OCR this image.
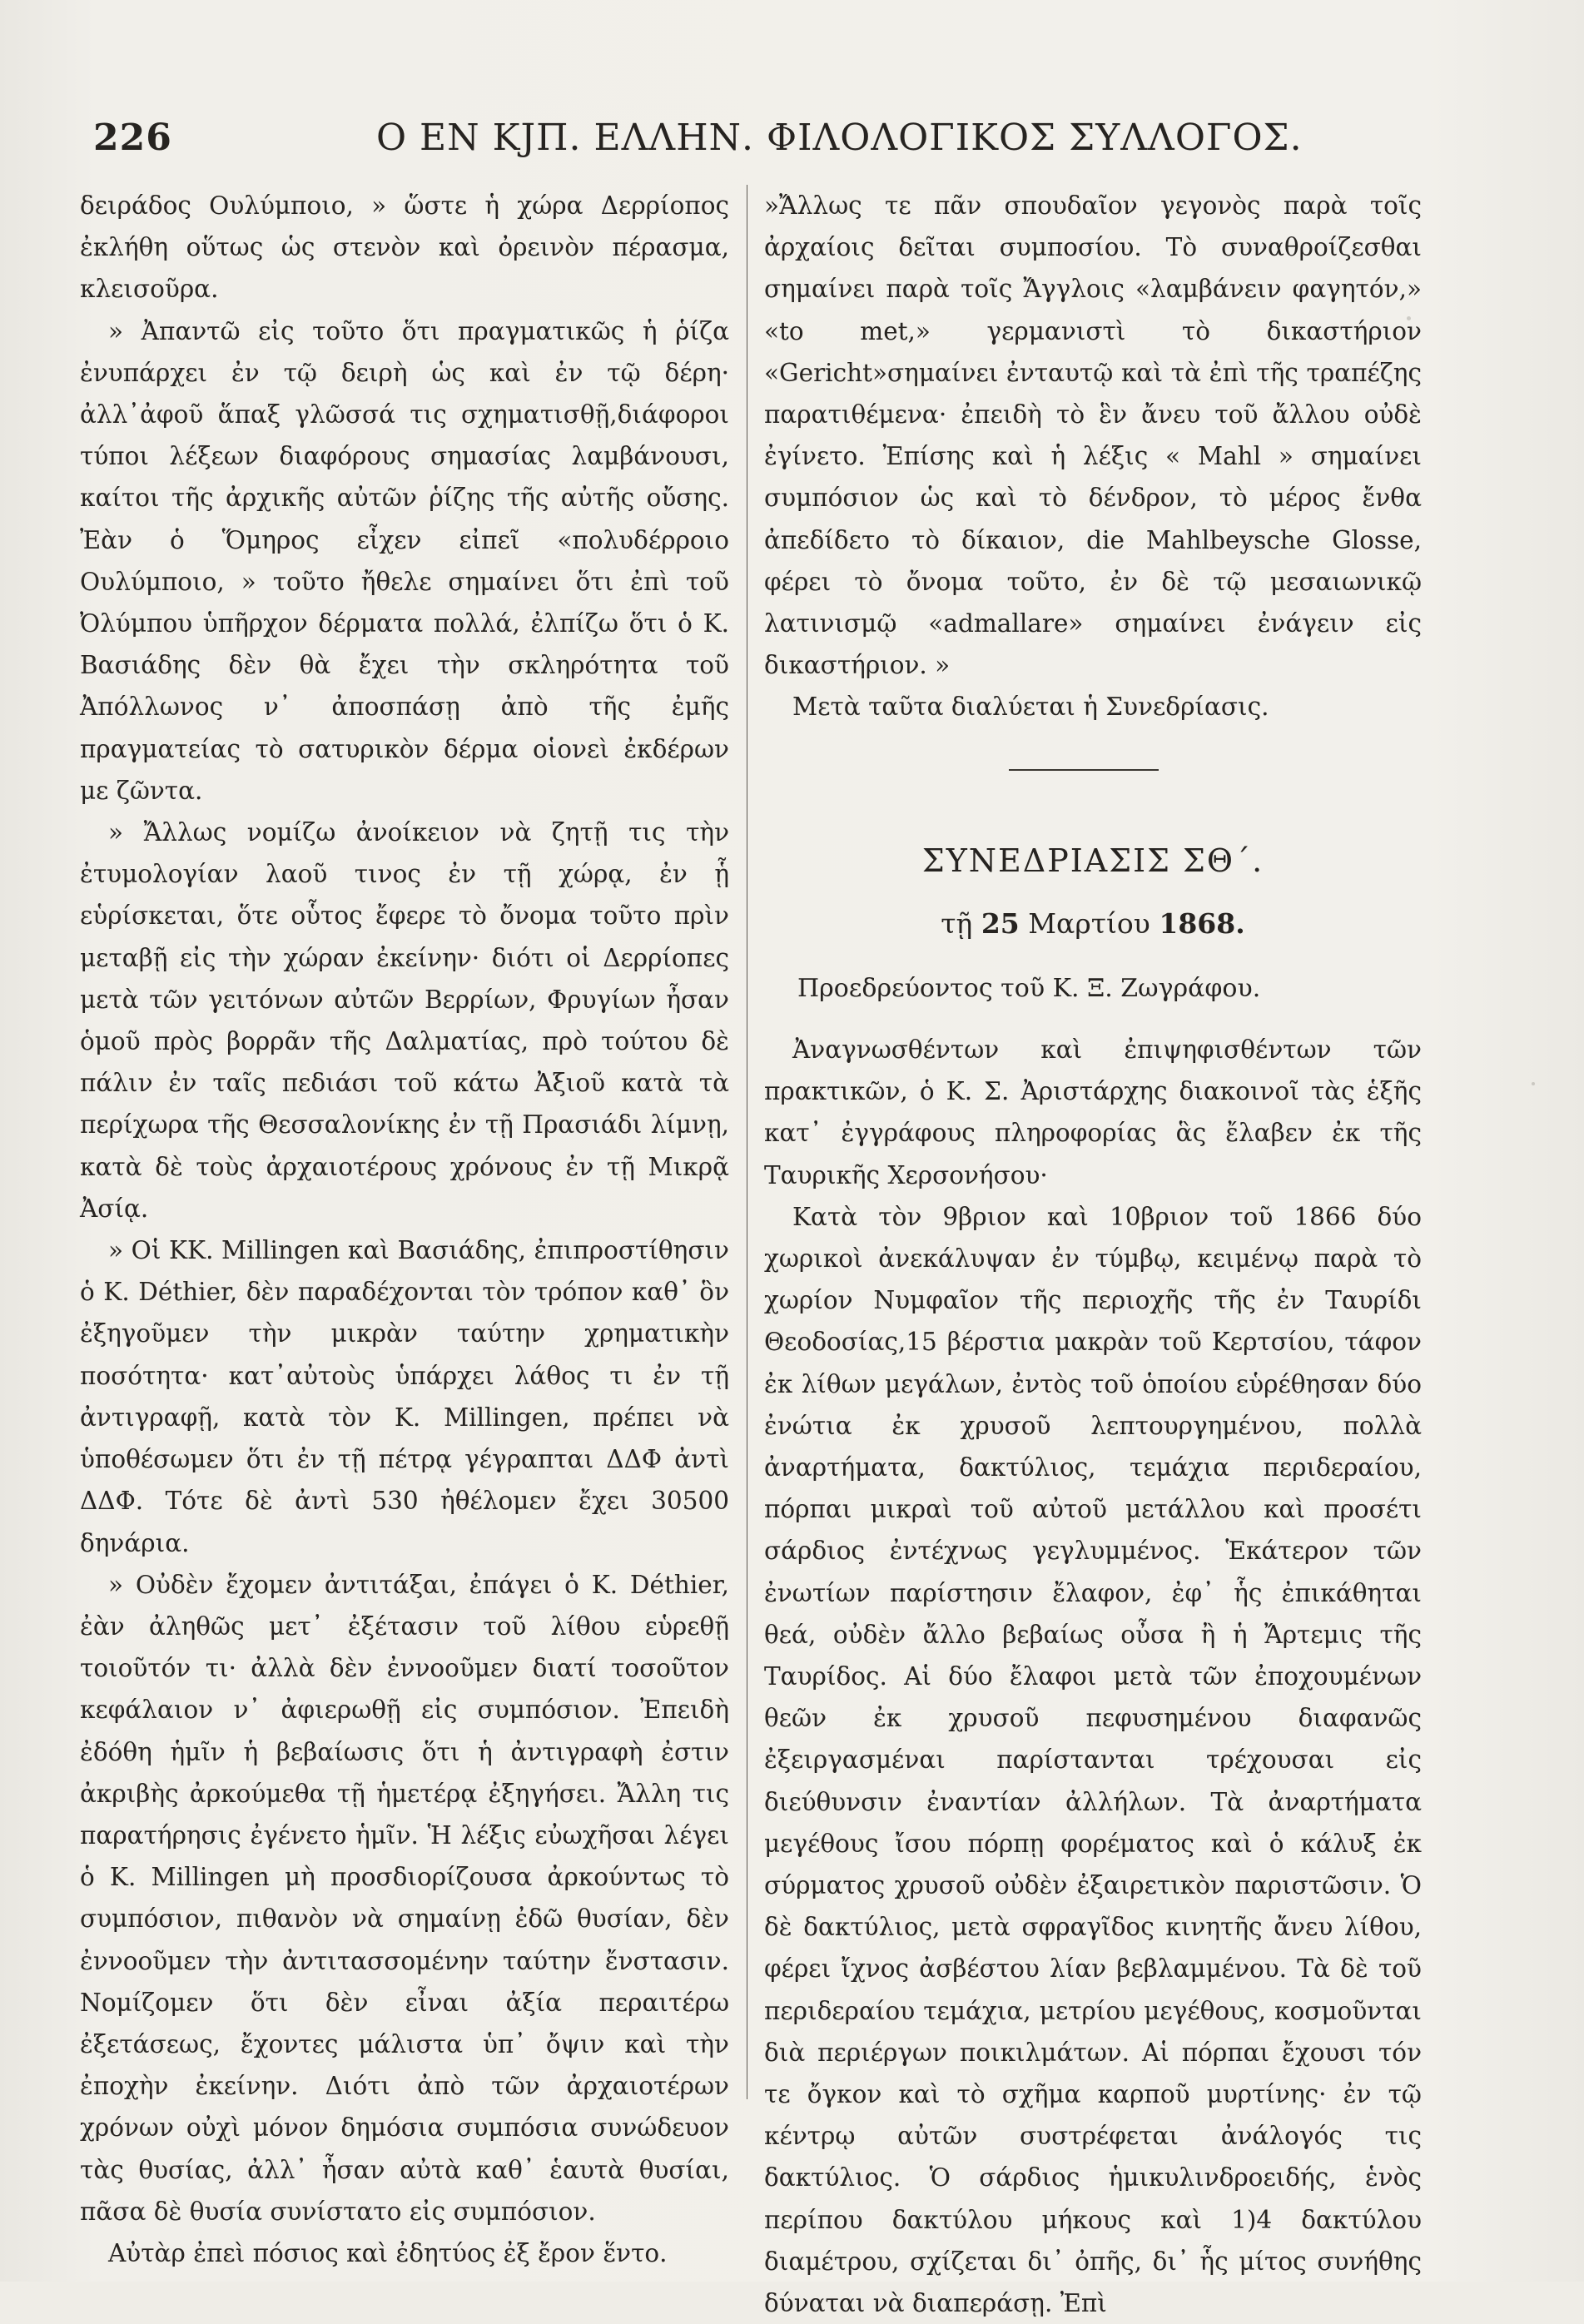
226	Ο ΕΝ ΚJΠ. ΕΛΛΗΝ. ΦΙΛΟΛΟΓΙΚΟΣ ΣΥΛΛΟΓΟΣ.

δειράδος Ουλύμποιο, » ὥστε ἡ χώρα Δερρίοπος ἐκλήθη οὕτως ὡς στενὸν καὶ ὀρεινὸν πέρασμα, κλεισοῦρα.

» Ἀπαντῶ εἰς τοῦτο ὅτι πραγματικῶς ἡ ῥίζα ἐνυπάρχει ἐν τῷ δειρὴ ὡς καὶ ἐν τῷ δέρη· ἀλλ᾽ἀφοῦ ἅπαξ γλῶσσά τις σχηματισθῇ,διάφοροι τύποι λέξεων διαφόρους σημασίας λαμβάνουσι, καίτοι τῆς ἀρχικῆς αὐτῶν ῥίζης τῆς αὐτῆς οὔσης. Ἐὰν ὁ Ὅμηρος εἶχεν εἰπεῖ «πολυδέρροιο Ουλύμποιο, » τοῦτο ἤθελε σημαίνει ὅτι ἐπὶ τοῦ Ὀλύμπου ὑπῆρχον δέρματα πολλά, ἐλπίζω ὅτι ὁ Κ. Βασιάδης δὲν θὰ ἔχει τὴν σκληρότητα τοῦ Ἀπόλλωνος ν᾽ ἀποσπάσῃ ἀπὸ τῆς ἐμῆς πραγματείας τὸ σατυρικὸν δέρμα οἱονεὶ ἐκδέρων με ζῶντα.

» Ἄλλως νομίζω ἀνοίκειον νὰ ζητῇ τις τὴν ἐτυμολογίαν λαοῦ τινος ἐν τῇ χώρᾳ, ἐν ᾗ εὑρίσκεται, ὅτε οὗτος ἔφερε τὸ ὄνομα τοῦτο πρὶν μεταβῇ εἰς τὴν χώραν ἐκείνην· διότι οἱ Δερρίοπες μετὰ τῶν γειτόνων αὐτῶν Βερρίων, Φρυγίων ἦσαν ὁμοῦ πρὸς βορρᾶν τῆς Δαλματίας, πρὸ τούτου δὲ πάλιν ἐν ταῖς πεδιάσι τοῦ κάτω Ἀξιοῦ κατὰ τὰ περίχωρα τῆς Θεσσαλονίκης ἐν τῇ Πρασιάδι λίμνῃ, κατὰ δὲ τοὺς ἀρχαιοτέρους χρόνους ἐν τῇ Μικρᾷ Ἀσίᾳ.

» Οἱ ΚΚ. Millingen καὶ Βασιάδης, ἐπιπροστίθησιν ὁ Κ. Déthier, δὲν παραδέχονται τὸν τρόπον καθ᾽ ὃν ἐξηγοῦμεν τὴν μικρὰν ταύτην χρηματικὴν ποσότητα· κατ᾽αὐτοὺς ὑπάρχει λάθος τι ἐν τῇ ἀντιγραφῇ, κατὰ τὸν Κ. Millingen, πρέπει νὰ ὑποθέσωμεν ὅτι ἐν τῇ πέτρᾳ γέγραπται ΔΔΦ ἀντὶ ΔΔΦ. Τότε δὲ ἀντὶ 530 ἠθέλομεν ἔχει 30500 δηνάρια.

» Οὐδὲν ἔχομεν ἀντιτάξαι, ἐπάγει ὁ Κ. Déthier, ἐὰν ἀληθῶς μετ᾽ ἐξέτασιν τοῦ λίθου εὑρεθῇ τοιοῦτόν τι· ἀλλὰ δὲν ἐννοοῦμεν διατί τοσοῦτον κεφάλαιον ν᾽ ἀφιερωθῇ εἰς συμπόσιον. Ἐπειδὴ ἐδόθη ἡμῖν ἡ βεβαίωσις ὅτι ἡ ἀντιγραφὴ ἐστιν ἀκριβὴς ἀρκούμεθα τῇ ἡμετέρᾳ ἐξηγήσει. Ἄλλη τις παρατήρησις ἐγένετο ἡμῖν. Ἡ λέξις εὐωχῆσαι λέγει ὁ Κ. Millingen μὴ προσδιορίζουσα ἀρκούντως τὸ συμπόσιον, πιθανὸν νὰ σημαίνῃ ἐδῶ θυσίαν, δὲν ἐννοοῦμεν τὴν ἀντιτασσομένην ταύτην ἔνστασιν. Νομίζομεν ὅτι δὲν εἶναι ἀξία περαιτέρω ἐξετάσεως, ἔχοντες μάλιστα ὑπ᾽ ὄψιν καὶ τὴν ἐποχὴν ἐκείνην. Διότι ἀπὸ τῶν ἀρχαιοτέρων χρόνων οὐχὶ μόνον δημόσια συμπόσια συνώδευον τὰς θυσίας, ἀλλ᾽ ἦσαν αὐτὰ καθ᾽ ἑαυτὰ θυσίαι, πᾶσα δὲ θυσία συνίστατο εἰς συμπόσιον.

Αὐτὰρ ἐπεὶ πόσιος καὶ ἐδητύος ἐξ ἔρον ἕντο.

»Ἄλλως τε πᾶν σπουδαῖον γεγονὸς παρὰ τοῖς ἀρχαίοις δεῖται συμποσίου. Τὸ συναθροίζεσθαι σημαίνει παρὰ τοῖς Ἄγγλοις «λαμβάνειν φαγητόν,» «to met,» γερμανιστὶ τὸ δικαστήριον «Gericht»σημαίνει ἐνταυτῷ καὶ τὰ ἐπὶ τῆς τραπέζης παρατιθέμενα· ἐπειδὴ τὸ ἓν ἄνευ τοῦ ἄλλου οὐδὲ ἐγίνετο. Ἐπίσης καὶ ἡ λέξις « Mahl » σημαίνει συμπόσιον ὡς καὶ τὸ δένδρον, τὸ μέρος ἔνθα ἀπεδίδετο τὸ δίκαιον, die Mahlbeysche Glosse, φέρει τὸ ὄνομα τοῦτο, ἐν δὲ τῷ μεσαιωνικῷ λατινισμῷ «admallare» σημαίνει ἐνάγειν εἰς δικαστήριον. »

Μετὰ ταῦτα διαλύεται ἡ Συνεδρίασις.

ΣΥΝΕΔΡΙΑΣΙΣ ΣΘ΄.
τῇ 25 Μαρτίου 1868.
Προεδρεύοντος τοῦ Κ. Ξ. Ζωγράφου.

Ἀναγνωσθέντων καὶ ἐπιψηφισθέντων τῶν πρακτικῶν, ὁ Κ. Σ. Ἀριστάρχης διακοινοῖ τὰς ἑξῆς κατ᾽ ἐγγράφους πληροφορίας ἃς ἔλαβεν ἐκ τῆς Ταυρικῆς Χερσονήσου·

Κατὰ τὸν 9βριον καὶ 10βριον τοῦ 1866 δύο χωρικοὶ ἀνεκάλυψαν ἐν τύμβῳ, κειμένῳ παρὰ τὸ χωρίον Νυμφαῖον τῆς περιοχῆς τῆς ἐν Ταυρίδι Θεοδοσίας,15 βέρστια μακρὰν τοῦ Κερτσίου, τάφον ἐκ λίθων μεγάλων, ἐντὸς τοῦ ὁποίου εὑρέθησαν δύο ἐνώτια ἐκ χρυσοῦ λεπτουργημένου, πολλὰ ἀναρτήματα, δακτύλιος, τεμάχια περιδεραίου, πόρπαι μικραὶ τοῦ αὐτοῦ μετάλλου καὶ προσέτι σάρδιος ἐντέχνως γεγλυμμένος. Ἑκάτερον τῶν ἐνωτίων παρίστησιν ἔλαφον, ἐφ᾽ ἧς ἐπικάθηται θεά, οὐδὲν ἄλλο βεβαίως οὖσα ἢ ἡ Ἄρτεμις τῆς Ταυρίδος. Αἱ δύο ἔλαφοι μετὰ τῶν ἐποχουμένων θεῶν ἐκ χρυσοῦ πεφυσημένου διαφανῶς ἐξειργασμέναι παρίστανται τρέχουσαι εἰς διεύθυνσιν ἐναντίαν ἀλλήλων. Τὰ ἀναρτήματα μεγέθους ἴσου πόρπῃ φορέματος καὶ ὁ κάλυξ ἐκ σύρματος χρυσοῦ οὐδὲν ἐξαιρετικὸν παριστῶσιν. Ὁ δὲ δακτύλιος, μετὰ σφραγῖδος κινητῆς ἄνευ λίθου, φέρει ἴχνος ἀσβέστου λίαν βεβλαμμένου. Τὰ δὲ τοῦ περιδεραίου τεμάχια, μετρίου μεγέθους, κοσμοῦνται διὰ περιέργων ποικιλμάτων. Αἱ πόρπαι ἔχουσι τόν τε ὄγκον καὶ τὸ σχῆμα καρποῦ μυρτίνης· ἐν τῷ κέντρῳ αὐτῶν συστρέφεται ἀνάλογός τις δακτύλιος. Ὁ σάρδιος ἡμικυλινδροειδής, ἑνὸς περίπου δακτύλου μήκους καὶ 1)4 δακτύλου διαμέτρου, σχίζεται δι᾽ ὀπῆς, δι᾽ ἧς μίτος συνήθης δύναται νὰ διαπεράσῃ. Ἐπὶ
